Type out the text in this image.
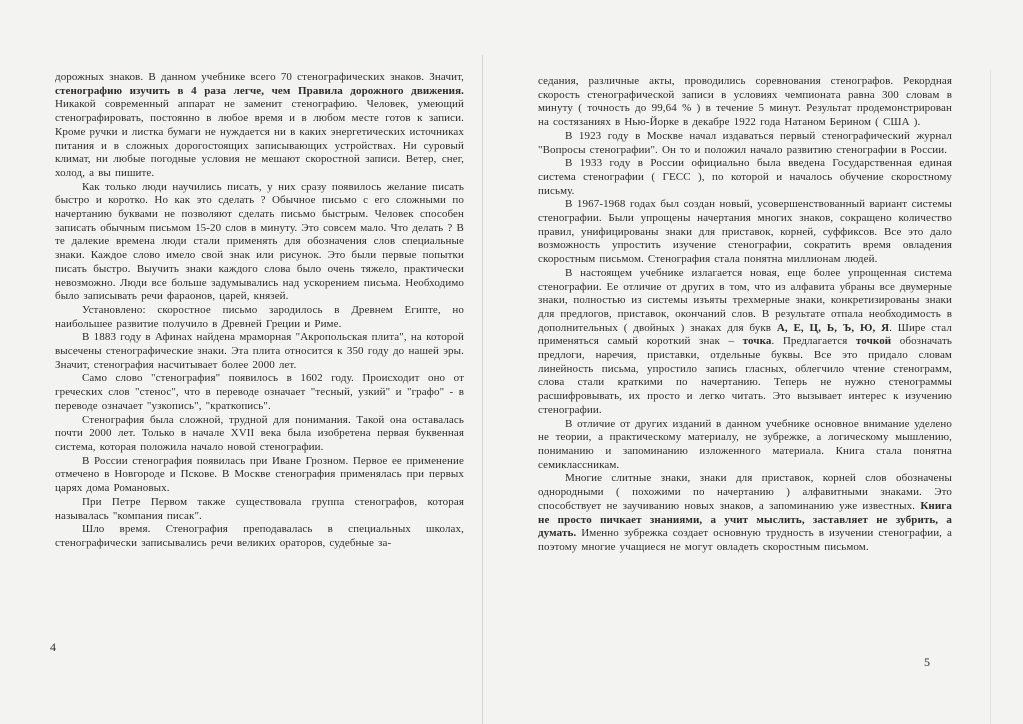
дорожных знаков. В данном учебнике всего 70 стенографических знаков. Значит, стенографию изучить в 4 раза легче, чем Правила дорожного движения. Никакой современный аппарат не заменит стенографию. Человек, умеющий стенографировать, постоянно в любое время и в любом месте готов к записи. Кроме ручки и листка бумаги не нуждается ни в каких энергетических источниках питания и в сложных дорогостоящих записывающих устройствах. Ни суровый климат, ни любые погодные условия не мешают скоростной записи. Ветер, снег, холод, а вы пишите.

Как только люди научились писать, у них сразу появилось желание писать быстро и коротко. Но как это сделать ? Обычное письмо с его сложными по начертанию буквами не позволяют сделать письмо быстрым. Человек способен записать обычным письмом 15-20 слов в минуту. Это совсем мало. Что делать ? В те далекие времена люди стали применять для обозначения слов специальные знаки. Каждое слово имело свой знак или рисунок. Это были первые попытки писать быстро. Выучить знаки каждого слова было очень тяжело, практически невозможно. Люди все больше задумывались над ускорением письма. Необходимо было записывать речи фараонов, царей, князей.

Установлено: скоростное письмо зародилось в Древнем Египте, но наибольшее развитие получило в Древней Греции и Риме.

В 1883 году в Афинах найдена мраморная "Акропольская плита", на которой высечены стенографические знаки. Эта плита относится к 350 году до нашей эры. Значит, стенография насчитывает более 2000 лет.

Само слово "стенография" появилось в 1602 году. Происходит оно от греческих слов "стенос", что в переводе означает "тесный, узкий" и "графо" - в переводе означает "узкопись", "краткопись".

Стенография была сложной, трудной для понимания. Такой она оставалась почти 2000 лет. Только в начале XVII века была изобретена первая буквенная система, которая положила начало новой стенографии.

В России стенография появилась при Иване Грозном. Первое ее применение отмечено в Новгороде и Пскове. В Москве стенография применялась при первых царях дома Романовых.

При Петре Первом также существовала группа стенографов, которая называлась "компания писак".

Шло время. Стенография преподавалась в специальных школах, стенографически записывались речи великих ораторов, судебные за-

4

седания, различные акты, проводились соревнования стенографов. Рекордная скорость стенографической записи в условиях чемпионата равна 300 словам в минуту ( точность до 99,64 % ) в течение 5 минут. Результат продемонстрирован на состязаниях в Нью-Йорке в декабре 1922 года Натаном Берином ( США ).

В 1923 году в Москве начал издаваться первый стенографический журнал "Вопросы стенографии". Он то и положил начало развитию стенографии в России.

В 1933 году в России официально была введена Государственная единая система стенографии ( ГЕСС ), по которой и началось обучение скоростному письму.

В 1967-1968 годах был создан новый, усовершенствованный вариант системы стенографии. Были упрощены начертания многих знаков, сокращено количество правил, унифицированы знаки для приставок, корней, суффиксов. Все это дало возможность упростить изучение стенографии, сократить время овладения скоростным письмом. Стенография стала понятна миллионам людей.

В настоящем учебнике излагается новая, еще более упрощенная система стенографии. Ее отличие от других в том, что из алфавита убраны все двумерные знаки, полностью из системы изъяты трехмерные знаки, конкретизированы знаки для предлогов, приставок, окончаний слов. В результате отпала необходимость в дополнительных ( двойных ) знаках для букв А, Е, Ц, Ь, Ъ, Ю, Я. Шире стал применяться самый короткий знак – точка. Предлагается точкой обозначать предлоги, наречия, приставки, отдельные буквы. Все это придало словам линейность письма, упростило запись гласных, облегчило чтение стенограмм, слова стали краткими по начертанию. Теперь не нужно стенограммы расшифровывать, их просто и легко читать. Это вызывает интерес к изучению стенографии.

В отличие от других изданий в данном учебнике основное внимание уделено не теории, а практическому материалу, не зубрежке, а логическому мышлению, пониманию и запоминанию изложенного материала. Книга стала понятна семиклассникам.

Многие слитные знаки, знаки для приставок, корней слов обозначены однородными ( похожими по начертанию ) алфавитными знаками. Это способствует не заучиванию новых знаков, а запоминанию уже известных. Книга не просто пичкает знаниями, а учит мыслить, заставляет не зубрить, а думать. Именно зубрежка создает основную трудность в изучении стенографии, а поэтому многие учащиеся не могут овладеть скоростным письмом.

5
